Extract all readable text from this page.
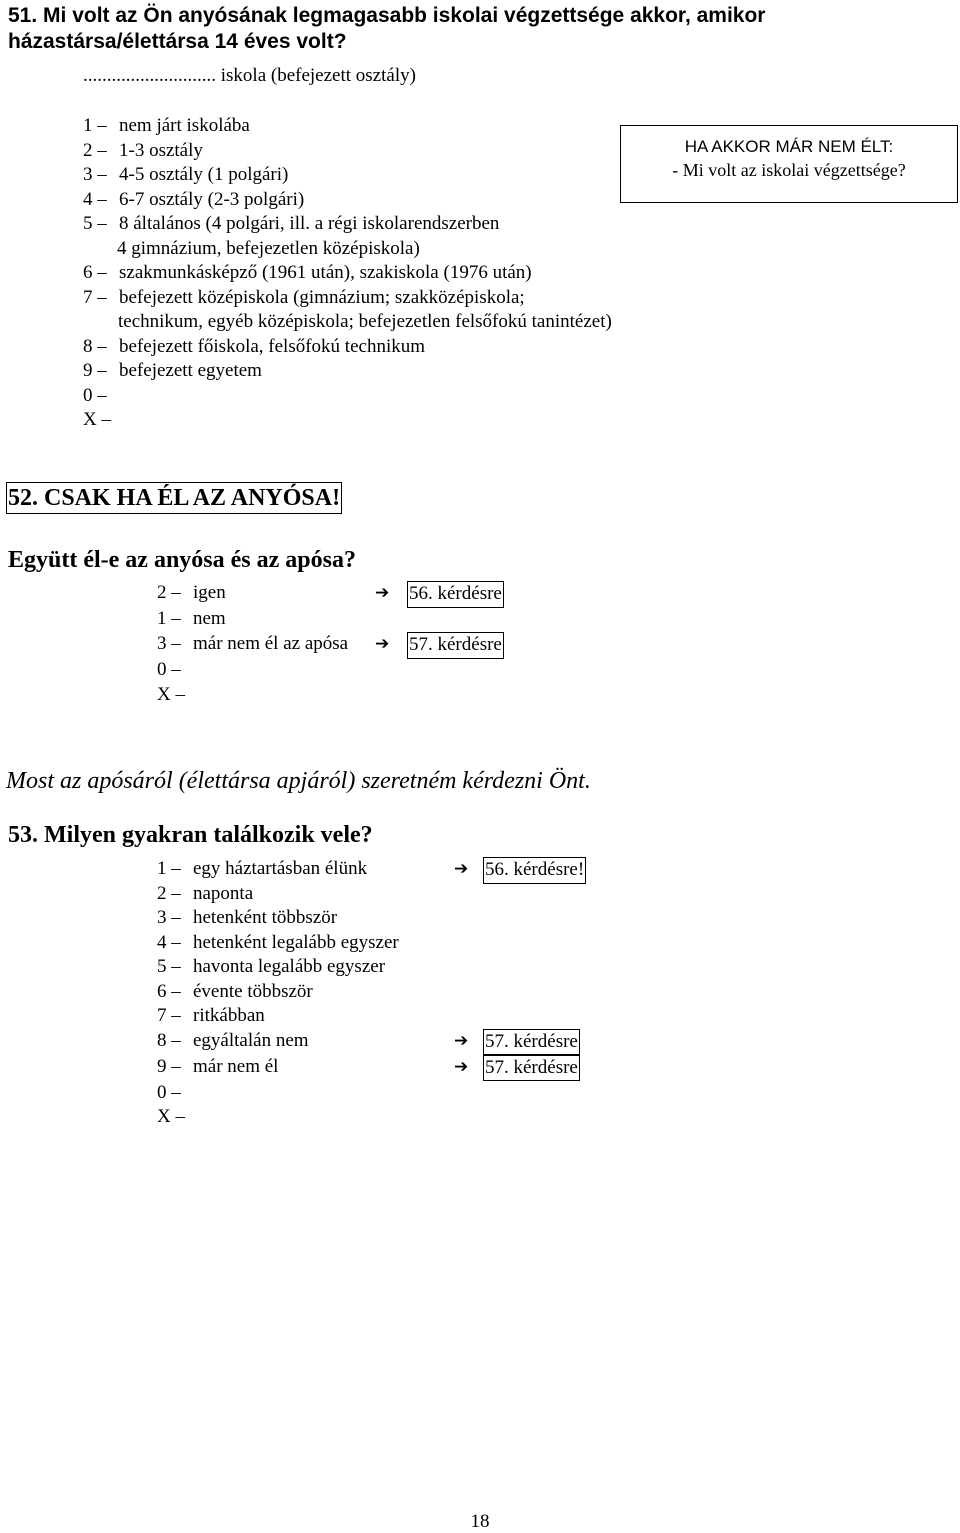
51. Mi volt az Ön anyósának legmagasabb iskolai végzettsége akkor, amikor
házastársa/élettársa 14 éves volt?
............................ iskola (befejezett osztály)
1 – nem járt iskolába
2 – 1-3 osztály
3 – 4-5 osztály (1 polgári)
4 – 6-7 osztály (2-3 polgári)
5 – 8 általános (4 polgári, ill. a régi iskolarendszerben
4 gimnázium, befejezetlen középiskola)
6 – szakmunkásképző (1961 után), szakiskola (1976 után)
7 – befejezett középiskola (gimnázium; szakközépiskola;
technikum, egyéb középiskola; befejezetlen felsőfokú tanintézet)
8 – befejezett főiskola, felsőfokú technikum
9 – befejezett egyetem
0 –
X –
HA AKKOR MÁR NEM ÉLT:
- Mi volt az iskolai végzettsége?
52. CSAK HA ÉL AZ ANYÓSA!
Együtt él-e az anyósa és az apósa?
2 – igen	➔ 56. kérdésre
1 – nem
3 – már nem él az apósa ➔ 57. kérdésre
0 –
X –
Most az apósáról (élettársa apjáról) szeretném kérdezni Önt.
53. Milyen gyakran találkozik vele?
1 – egy háztartásban élünk	➔ 56. kérdésre!
2 – naponta
3 – hetenként többször
4 – hetenként legalább egyszer
5 – havonta legalább egyszer
6 – évente többször
7 – ritkábban
8 – egyáltalán nem	➔ 57. kérdésre
9 – már nem él	➔ 57. kérdésre
0 –
X –
18
